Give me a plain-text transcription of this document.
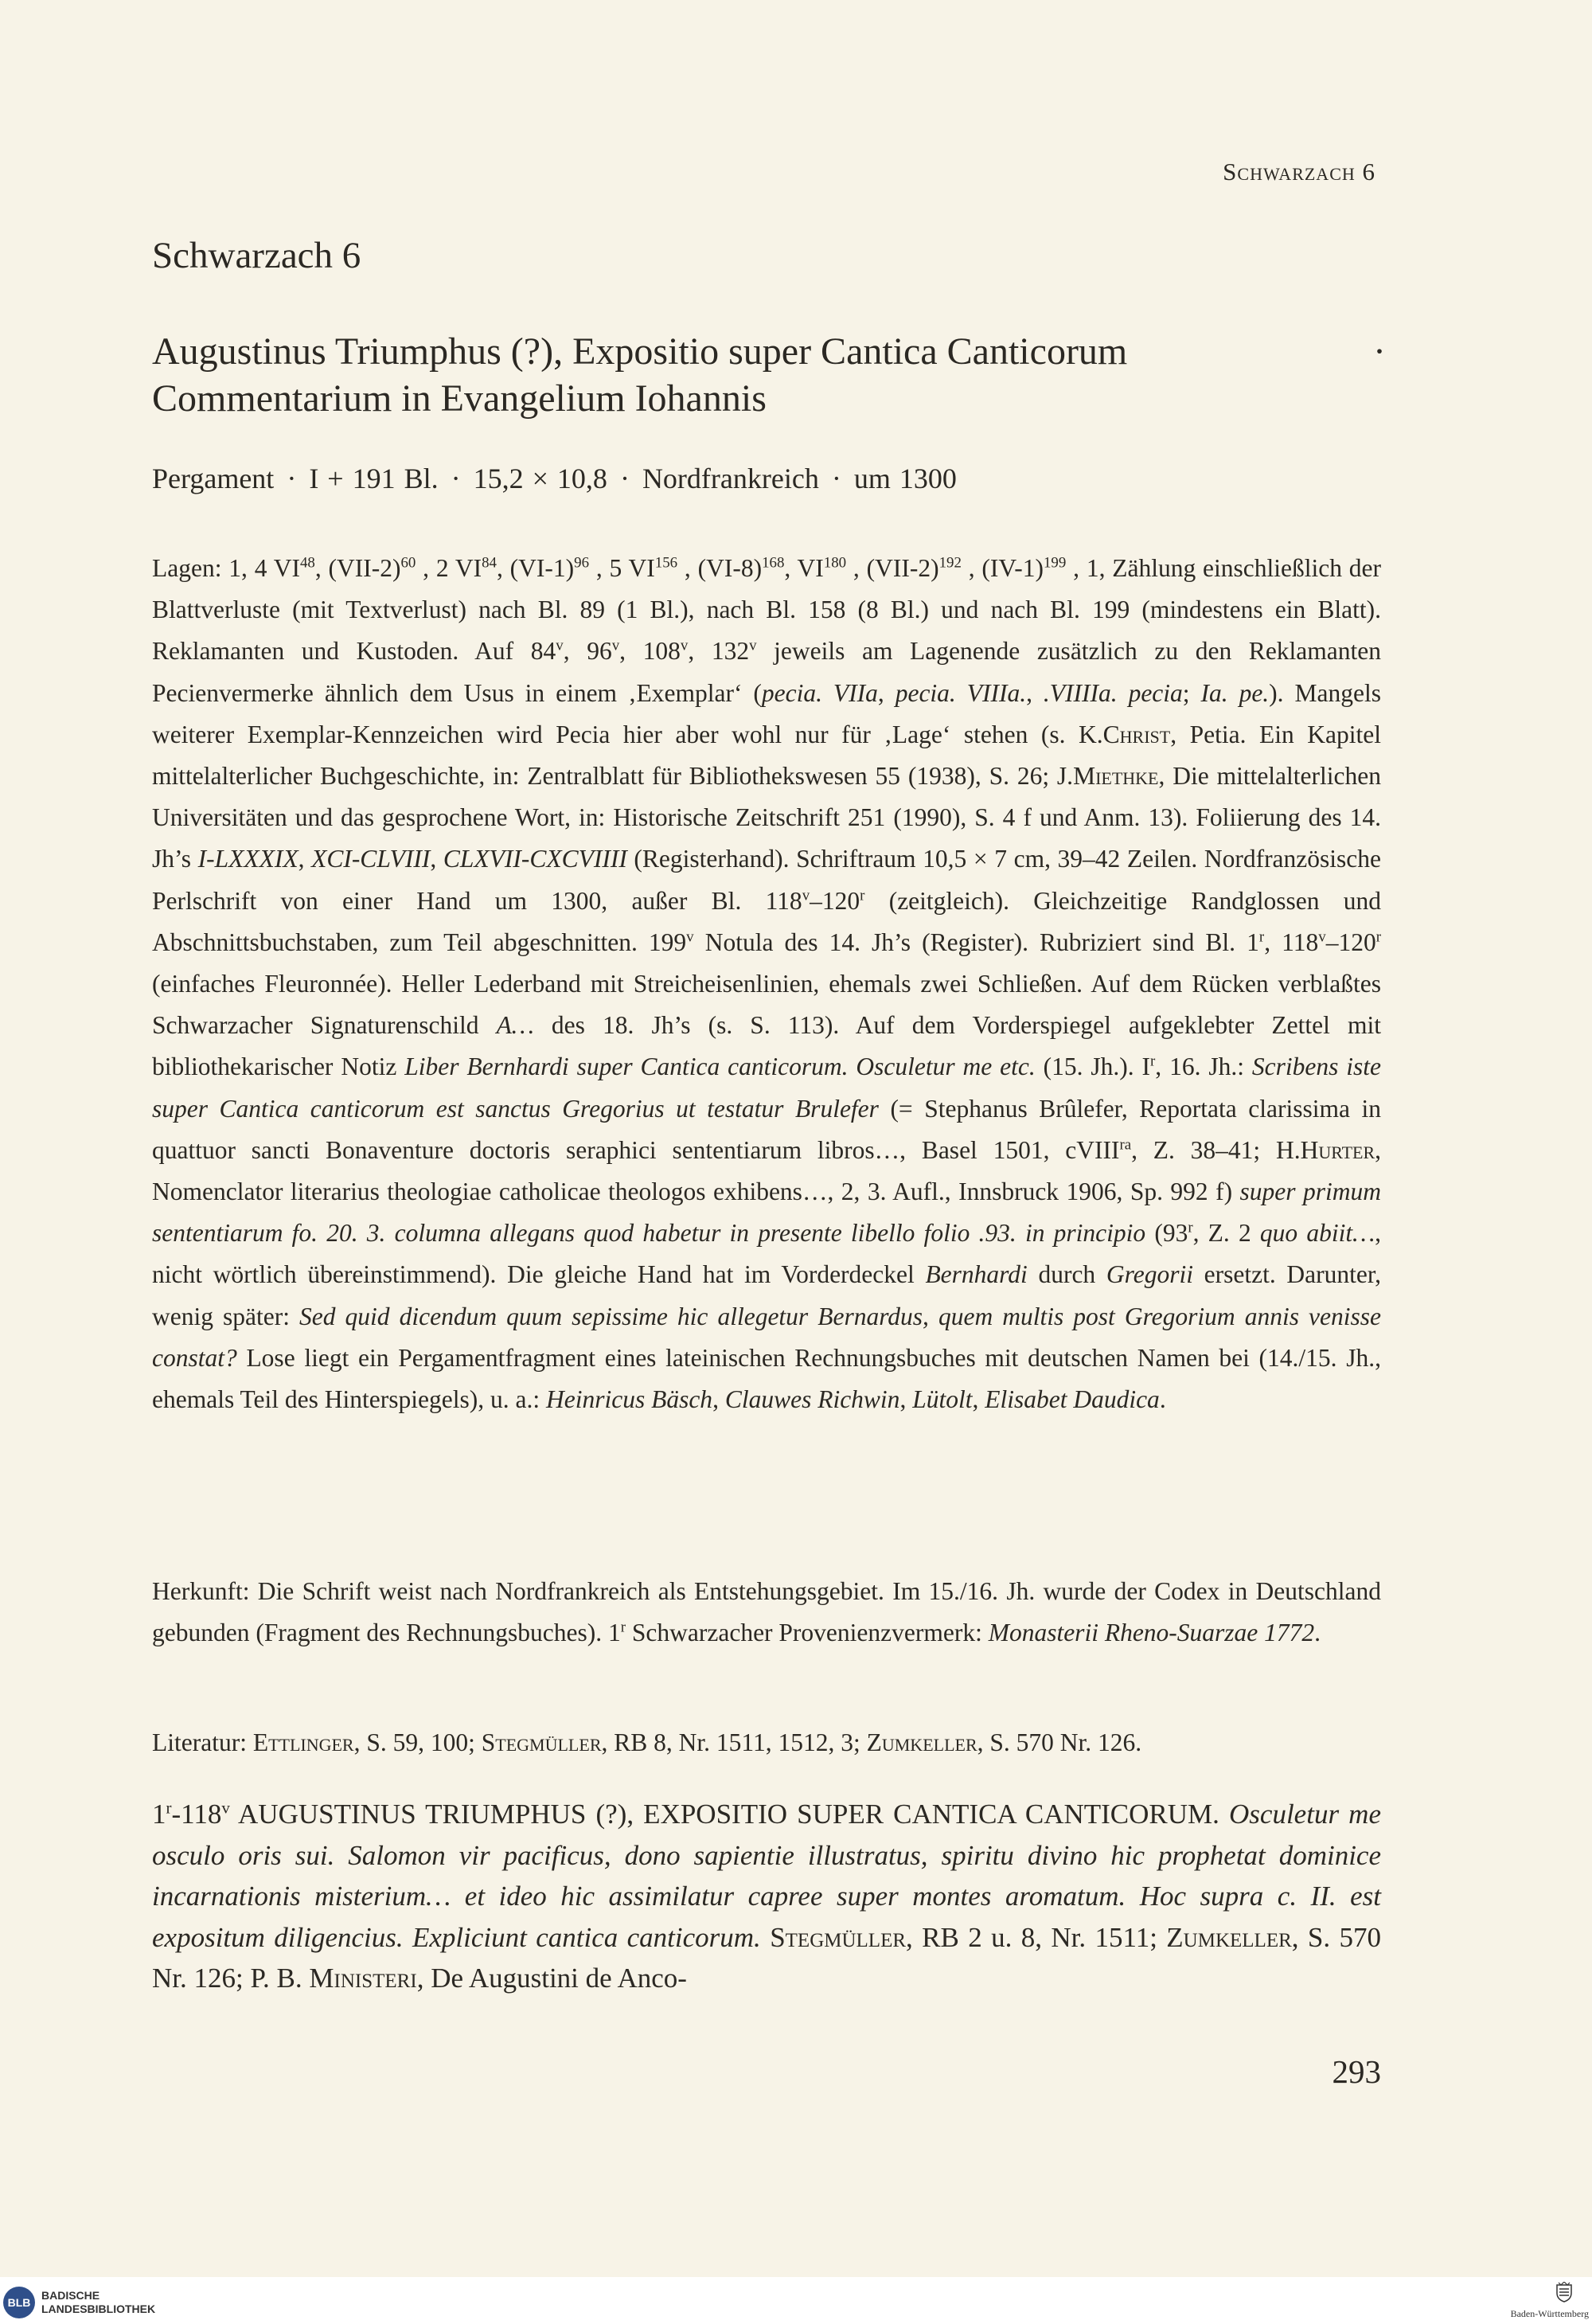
Schwarzach 6
Schwarzach 6
Augustinus Triumphus (?), Expositio super Cantica Canticorum	·
Commentarium in Evangelium Iohannis
Pergament · I + 191 Bl. · 15,2 × 10,8 · Nordfrankreich · um 1300

Lagen: 1, 4 VI$^{48}$, $(VII-2)^{60}$ , 2 VI$^{84}$, $(VI-1)^{96}$ , 5 VI$^{156}$ , $(VI-8)^{168}$, VI$^{180}$ , $(VII-2)^{192}$ , $(IV-1)^{199}$ , 1, Zählung einschließlich der Blattverluste (mit Textverlust) nach Bl. 89 (1 Bl.), nach Bl. 158 (8 Bl.) und nach Bl. 199 (mindestens ein Blatt). Reklamanten und Kustoden. Auf 84$^v$, 96$^v$, 108$^v$, 132$^v$ jeweils am Lagenende zusätzlich zu den Reklamanten Pecienvermerke ähnlich dem Usus in einem ‚Exemplar‘ (pecia. VIIa, pecia. VIIIa., .VIIIIa. pecia; Ia. pe.). Mangels weiterer Exemplar-Kennzeichen wird Pecia hier aber wohl nur für ‚Lage‘ stehen (s. K.Christ, Petia. Ein Kapitel mittelalterlicher Buchgeschichte, in: Zentralblatt für Bibliothekswesen 55 (1938), S. 26; J.Miethke, Die mittelalterlichen Universitäten und das gesprochene Wort, in: Historische Zeitschrift 251 (1990), S. 4 f und Anm. 13). Foliierung des 14. Jh’s I-LXXXIX, XCI-CLVIII, CLXVII-CXCVIIII (Registerhand). Schriftraum 10,5 × 7 cm, 39–42 Zeilen. Nordfranzösische Perlschrift von einer Hand um 1300, außer Bl. 118$^v$–120$^r$ (zeitgleich). Gleichzeitige Randglossen und Abschnittsbuchstaben, zum Teil abgeschnitten. 199$^v$ Notula des 14. Jh’s (Register). Rubriziert sind Bl. 1$^r$, 118$^v$–120$^r$ (einfaches Fleuronnée). Heller Lederband mit Streicheisenlinien, ehemals zwei Schließen. Auf dem Rücken verblaßtes Schwarzacher Signaturenschild A… des 18. Jh’s (s. S. 113). Auf dem Vorderspiegel aufgeklebter Zettel mit bibliothekarischer Notiz Liber Bernhardi super Cantica canticorum. Osculetur me etc. (15. Jh.). $I^r$, 16. Jh.: Scribens iste super Cantica canticorum est sanctus Gregorius ut testatur Brulefer (= Stephanus Brûlefer, Reportata clarissima in quattuor sancti Bonaventure doctoris seraphici sententiarum libros…, Basel 1501, cVIII$^{ra}$, Z. 38–41; H.Hurter, Nomenclator literarius theologiae catholicae theologos exhibens…, 2, 3. Aufl., Innsbruck 1906, Sp. 992 f) super primum sententiarum fo. 20. 3. columna allegans quod habetur in presente libello folio .93. in principio (93$^r$, Z. 2 quo abiit…, nicht wörtlich übereinstimmend). Die gleiche Hand hat im Vorderdeckel Bernhardi durch Gregorii ersetzt. Darunter, wenig später: Sed quid dicendum quum sepissime hic allegetur Bernardus, quem multis post Gregorium annis venisse constat? Lose liegt ein Pergamentfragment eines lateinischen Rechnungsbuches mit deutschen Namen bei (14./15. Jh., ehemals Teil des Hinterspiegels), u. a.: Heinricus Bäsch, Clauwes Richwin, Lütolt, Elisabet Daudica.

Herkunft: Die Schrift weist nach Nordfrankreich als Entstehungsgebiet. Im 15./16. Jh. wurde der Codex in Deutschland gebunden (Fragment des Rechnungsbuches). 1$^r$ Schwarzacher Provenienzvermerk: Monasterii Rheno-Suarzae 1772.

Literatur: Ettlinger, S. 59, 100; Stegmüller, RB 8, Nr. 1511, 1512, 3; Zumkeller, S. 570 Nr. 126.

1$^r$-118$^v$ AUGUSTINUS TRIUMPHUS (?), EXPOSITIO SUPER CANTICA CANTICORUM. Osculetur me osculo oris sui. Salomon vir pacificus, dono sapientie illustratus, spiritu divino hic prophetat dominice incarnationis misterium… et ideo hic assimilatur capree super montes aromatum. Hoc supra c. II. est expositum diligencius. Expliciunt cantica canticorum. Stegmüller, RB 2 u. 8, Nr. 1511; Zumkeller, S. 570 Nr. 126; P. B. Ministeri, De Augustini de Anco-

293
BLB
BADISCHE
LANDESBIBLIOTHEK	Baden-Württemberg
